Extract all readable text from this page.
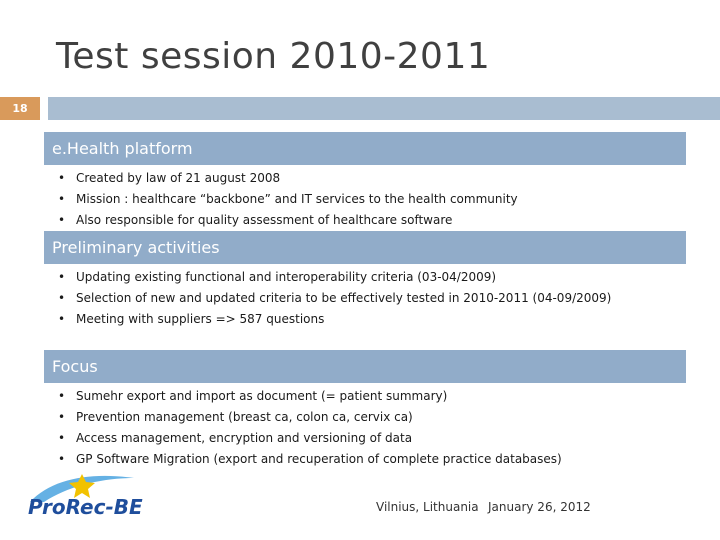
Test session 2010-2011
18
e.Health platform
• Created by law of 21 august 2008
• Mission : healthcare “backbone” and IT services to the health community
• Also responsible for quality assessment of healthcare software
Preliminary activities
• Updating existing functional and interoperability criteria (03-04/2009)
• Selection of new and updated criteria to be effectively tested in 2010-2011 (04-09/2009)
• Meeting with suppliers => 587 questions
Focus
• Sumehr export and import as document (= patient summary)
• Prevention management (breast ca, colon ca, cervix ca)
• Access management, encryption and versioning of data
• GP Software Migration (export and recuperation of complete practice databases)
ProRec-BE	Vilnius, Lithuania January 26, 2012
